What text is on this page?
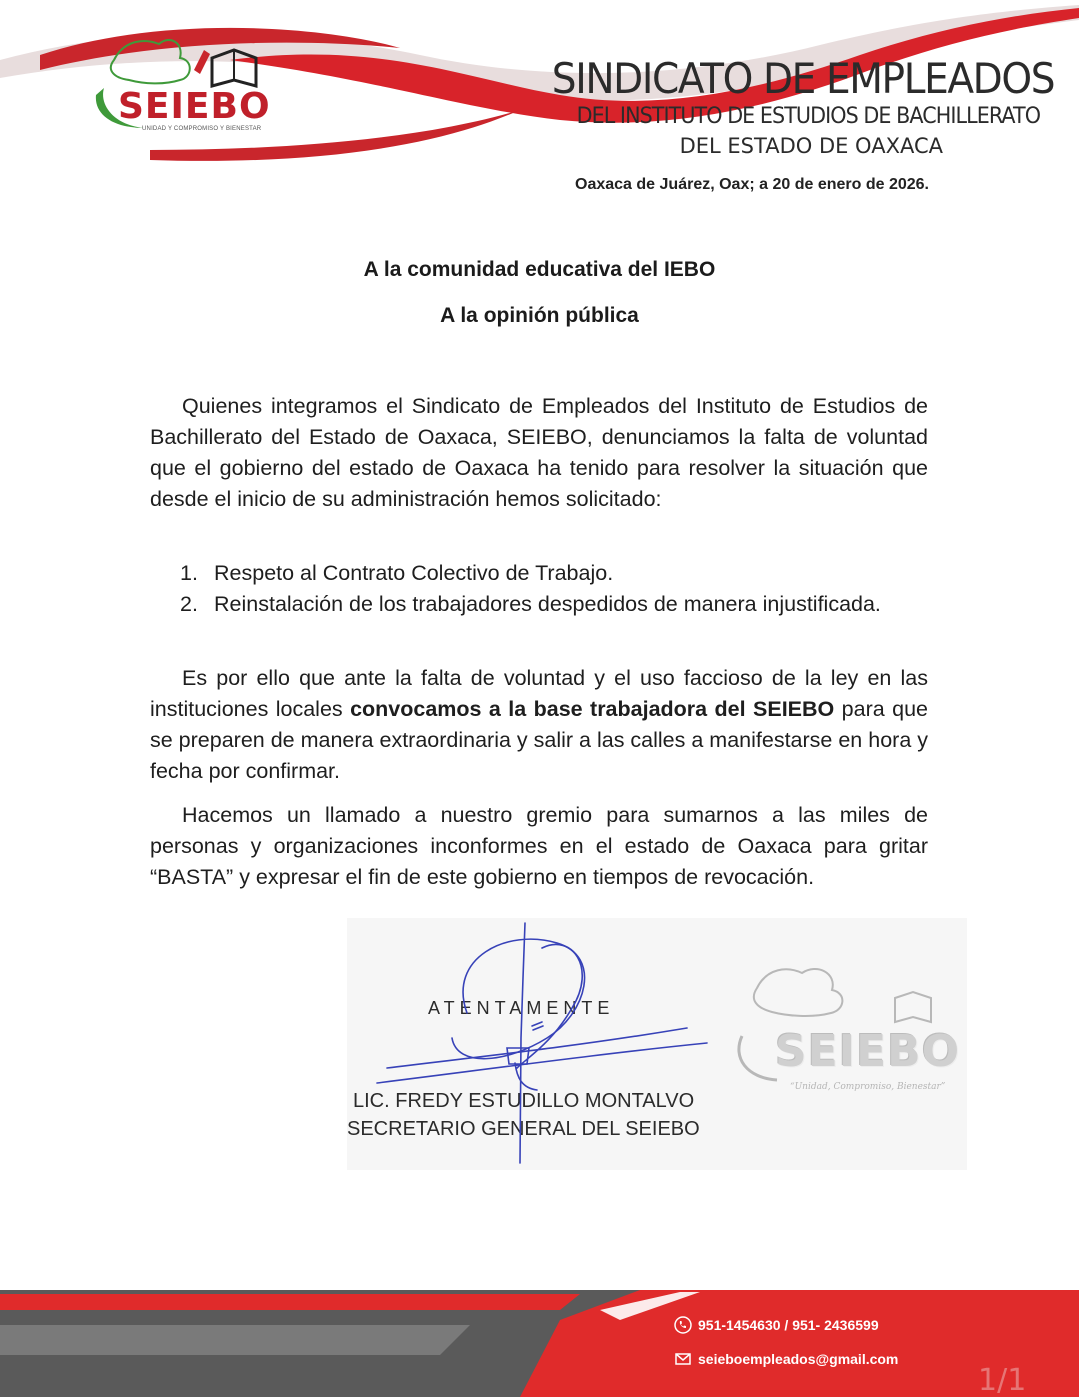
SEIEBO
UNIDAD Y COMPROMISO Y BIENESTAR
SINDICATO DE EMPLEADOS
DEL INSTITUTO DE ESTUDIOS DE BACHILLERATO
DEL ESTADO DE OAXACA
Oaxaca de Juárez, Oax; a 20 de enero de 2026.
A la comunidad educativa del IEBO
A la opinión pública
Quienes integramos el Sindicato de Empleados del Instituto de Estudios de Bachillerato del Estado de Oaxaca, SEIEBO, denunciamos la falta de voluntad que el gobierno del estado de Oaxaca ha tenido para resolver la situación que desde el inicio de su administración hemos solicitado:
1. Respeto al Contrato Colectivo de Trabajo.
2. Reinstalación de los trabajadores despedidos de manera injustificada.
Es por ello que ante la falta de voluntad y el uso faccioso de la ley en las instituciones locales convocamos a la base trabajadora del SEIEBO para que se preparen de manera extraordinaria y salir a las calles a manifestarse en hora y fecha por confirmar.
Hacemos un llamado a nuestro gremio para sumarnos a las miles de personas y organizaciones inconformes en el estado de Oaxaca para gritar “BASTA” y expresar el fin de este gobierno en tiempos de revocación.
SEIEBO
“Unidad, Compromiso, Bienestar”
ATENTAMENTE
LIC. FREDY ESTUDILLO MONTALVO
SECRETARIO GENERAL DEL SEIEBO
951-1454630 / 951- 2436599
seieboempleados@gmail.com
1/1
